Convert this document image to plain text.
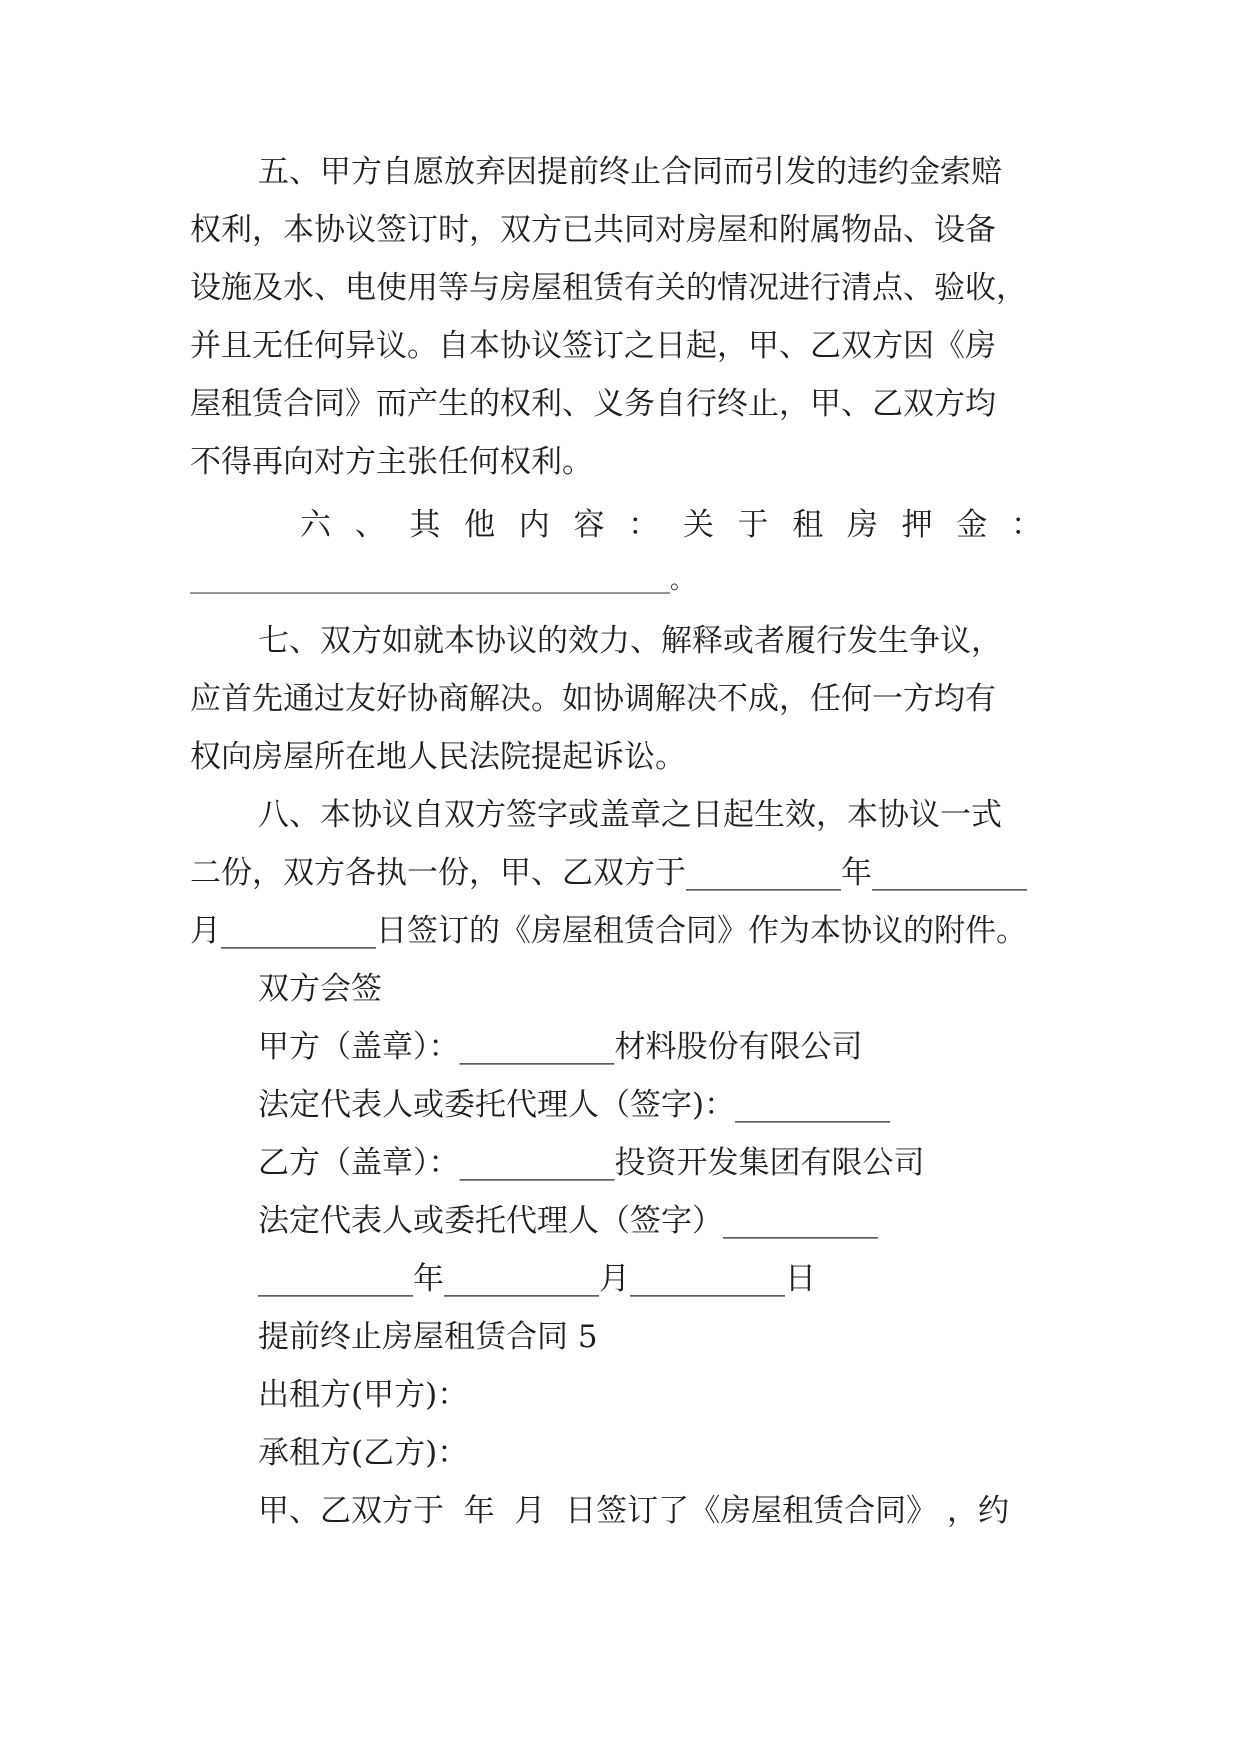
五、甲方自愿放弃因提前终止合同而引发的违约金索赔
权利，本协议签订时，双方已共同对房屋和附属物品、设备
设施及水、电使用等与房屋租赁有关的情况进行清点、验收，
并且无任何异议。自本协议签订之日起，甲、乙双方因《房
屋租赁合同》而产生的权利、义务自行终止，甲、乙双方均
不得再向对方主张任何权利。
六、其他内容：关于租房押金：
________________________________________。
七、双方如就本协议的效力、解释或者履行发生争议，
应首先通过友好协商解决。如协调解决不成，任何一方均有
权向房屋所在地人民法院提起诉讼。
八、本协议自双方签字或盖章之日起生效，本协议一式
二份，双方各执一份，甲、乙双方于__________年__________
月__________日签订的《房屋租赁合同》作为本协议的附件。
双方会签
甲方（盖章）：__________材料股份有限公司
法定代表人或委托代理人（签字)：__________
乙方（盖章）：__________投资开发集团有限公司
法定代表人或委托代理人（签字）__________
__________年__________月__________日
提前终止房屋租赁合同 5
出租方(甲方)：
承租方(乙方)：
甲、乙双方于  年  月  日签订了《房屋租赁合同》 ，约
